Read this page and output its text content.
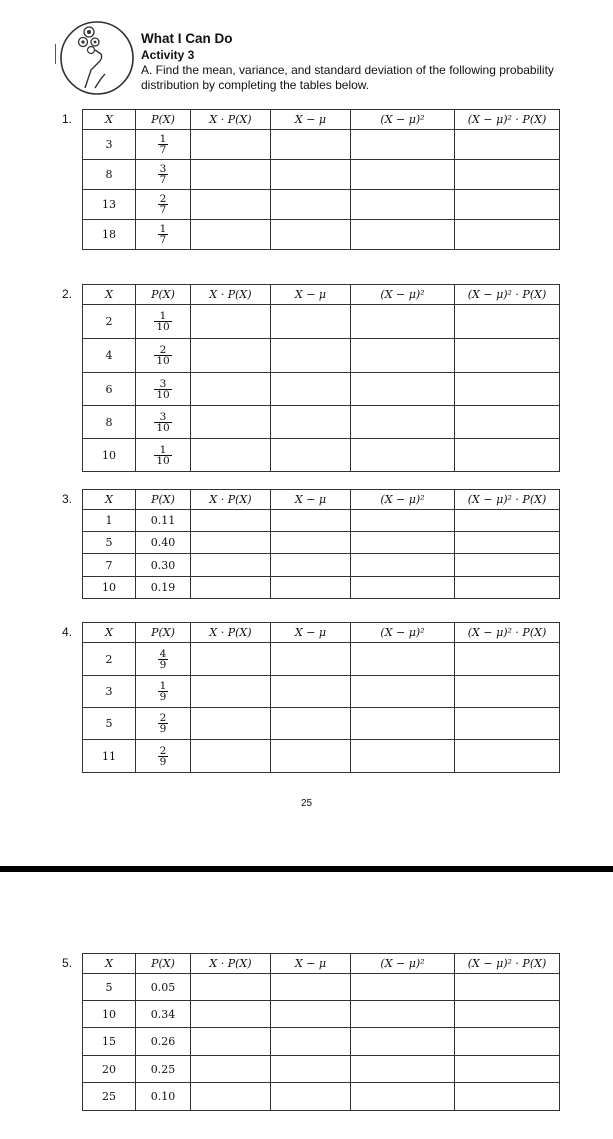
What I Can Do
Activity 3
A. Find the mean, variance, and standard deviation of the following probability distribution by completing the tables below.
1.	X	P(X)	X · P(X)	X − μ	(X − μ)²	(X − μ)² · P(X)
3	$\frac{1}{7}$

8	$\frac{3}{7}$

13	$\frac{2}{7}$

18	$\frac{1}{7}$

2.	X	P(X)	X · P(X)	X − μ	(X − μ)²	(X − μ)² · P(X)
2	$\frac{1}{10}$

4	$\frac{2}{10}$

6	$\frac{3}{10}$

8	$\frac{3}{10}$

10	$\frac{1}{10}$

3.	X	P(X)	X · P(X)	X − μ	(X − μ)²	(X − μ)² · P(X)
1	0.11				
5	0.40				
7	0.30				
10	0.19				
4.	X	P(X)	X · P(X)	X − μ	(X − μ)²	(X − μ)² · P(X)
2	$\frac{4}{9}$

3	$\frac{1}{9}$

5	$\frac{2}{9}$

11	$\frac{2}{9}$

5.	X	P(X)	X · P(X)	X − μ	(X − μ)²	(X − μ)² · P(X)
5	0.05				
10	0.34				
15	0.26				
20	0.25				
25	0.10				
25
